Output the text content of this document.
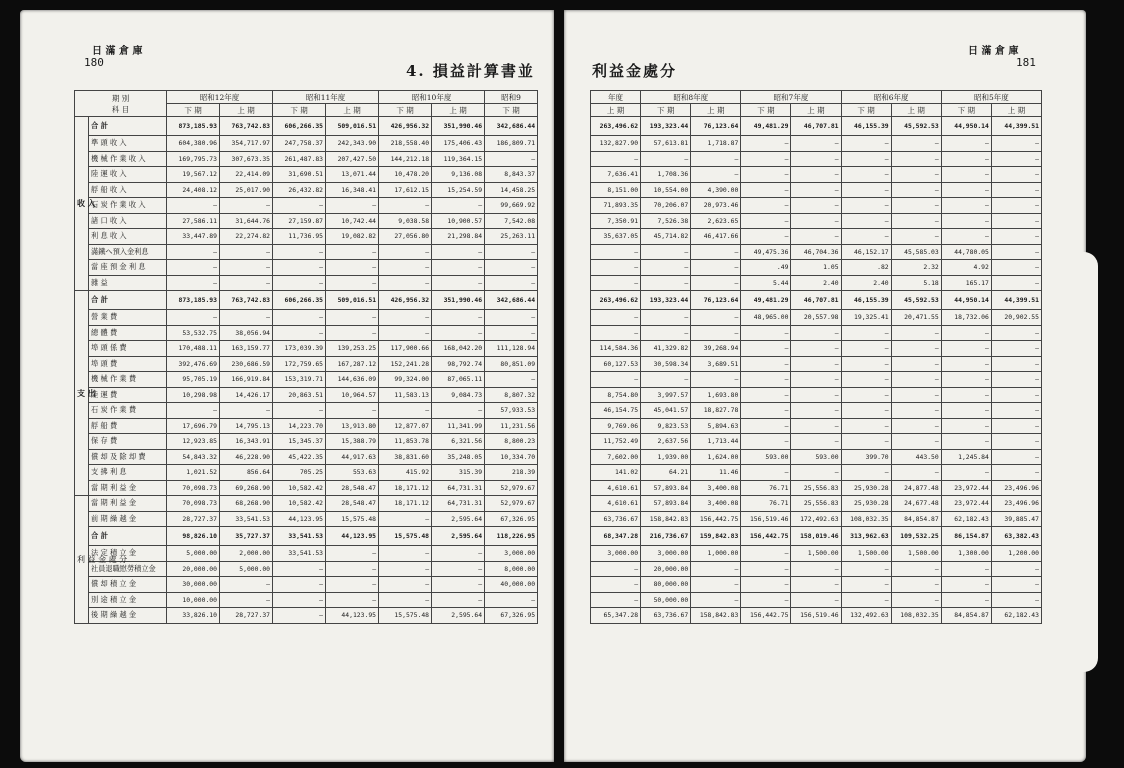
日 滿 倉 庫
180	4. 損益計算書並
日 滿 倉 庫
181
利益金處分
期 別
科 目		昭和12年度		昭和11年度		昭和10年度		昭和9
		下 期	上 期	下 期	上 期	下 期	上 期	下 期
收 入	合 計	873,185.93	763,742.83	606,266.35	509,016.51	426,956.32	351,990.46	342,686.44
	準 頭 收 入	604,380.96	354,717.97	247,758.37	242,343.90	218,558.40	175,406.43	186,809.71
	機 械 作 業 收 入	169,795.73	307,673.35	261,487.83	207,427.50	144,212.18	119,364.15	—
	陸 運 收 入	19,567.12	22,414.09	31,690.51	13,071.44	10,478.20	9,136.08	8,843.37
	艀 船 收 入	24,408.12	25,017.90	26,432.82	16,348.41	17,612.15	15,254.59	14,458.25
	石 炭 作 業 收 入	—	—	—	—	—	—	99,669.92
	諸 口 收 入	27,586.11	31,644.76	27,159.87	10,742.44	9,038.58	10,900.57	7,542.08
	利 息 收 入	33,447.89	22,274.82	11,736.95	19,082.82	27,056.80	21,298.84	25,263.11
	滿鐵へ預入金利息	—	—	—	—	—	—	—
	當 座 預 金 利 息	—	—	—	—	—	—	—
	雜 益	—	—	—	—	—	—	—
支 出	合 計	873,185.93	763,742.83	606,266.35	509,016.51	426,956.32	351,990.46	342,686.44
	營 業 費	—	—	—	—	—	—	—
	總 體 費	53,532.75	38,056.94	—	—	—	—	—
	埠 頭 係 費	170,488.11	163,159.77	173,039.39	139,253.25	117,900.66	168,042.20	111,128.94
	埠 頭 費	392,476.69	230,686.59	172,759.65	167,287.12	152,241.28	98,792.74	80,851.09
	機 械 作 業 費	95,705.19	166,919.84	153,319.71	144,636.09	99,324.00	87,065.11	—
	陸 運 費	10,298.98	14,426.17	20,863.51	10,964.57	11,583.13	9,084.73	8,807.32
	石 炭 作 業 費	—	—	—	—	—	—	57,933.53
	艀 船 費	17,696.79	14,795.13	14,223.70	13,913.80	12,877.07	11,341.99	11,231.56
	保 存 費	12,923.85	16,343.91	15,345.37	15,388.79	11,853.78	6,321.56	8,800.23
	償 却 及 除 却 費	54,843.32	46,228.90	45,422.35	44,917.63	38,831.60	35,248.05	10,334.70
	支 拂 利 息	1,021.52	856.64	705.25	553.63	415.92	315.39	218.39
	當 期 利 益 金	70,098.73	69,268.90	10,582.42	28,548.47	18,171.12	64,731.31	52,979.67
利 益 金 處 分	當 期 利 益 金	70,098.73	68,268.90	10,582.42	28,548.47	18,171.12	64,731.31	52,979.67
	前 期 繰 越 金	28,727.37	33,541.53	44,123.95	15,575.48	—	2,595.64	67,326.95
	合 計	98,826.10	35,727.37	33,541.53	44,123.95	15,575.48	2,595.64	118,226.95
	法 定 積 立 金	5,000.00	2,000.00	33,541.53	—	—	—	3,000.00
	社員退職慰勞積立金	20,000.00	5,000.00	—	—	—	—	8,000.00
	償 却 積 立 金	30,000.00	—	—	—	—	—	40,000.00
	別 途 積 立 金	10,000.00	—	—	—	—	—	—
	後 期 繰 越 金	33,826.10	28,727.37	—	44,123.95	15,575.48	2,595.64	67,326.95
年度	昭和8年度		昭和7年度		昭和6年度		昭和5年度	
上 期	下 期	上 期	下 期	上 期	下 期	上 期	下 期	上 期
263,496.62	193,323.44	76,123.64	49,481.29	46,707.81	46,155.39	45,592.53	44,950.14	44,399.51
132,827.90	57,613.81	1,718.87	—	—	—	—	—	—
—	—	—	—	—	—	—	—	—
7,636.41	1,708.36	—	—	—	—	—	—	—
8,151.00	10,554.00	4,390.00	—	—	—	—	—	—
71,893.35	70,206.07	20,973.46	—	—	—	—	—	—
7,350.91	7,526.38	2,623.65	—	—	—	—	—	—
35,637.05	45,714.82	46,417.66	—	—	—	—	—	—
—	—	—	49,475.36	46,704.36	46,152.17	45,585.03	44,780.05	—
—	—	—	.49	1.05	.82	2.32	4.92	—
—	—	—	5.44	2.40	2.40	5.18	165.17	—
263,496.62	193,323.44	76,123.64	49,481.29	46,707.81	46,155.39	45,592.53	44,950.14	44,399.51
—	—	—	48,965.00	20,557.98	19,325.41	20,471.55	18,732.06	20,902.55
—	—	—	—	—	—	—	—	—
114,584.36	41,329.82	39,268.94	—	—	—	—	—	—
60,127.53	30,598.34	3,689.51	—	—	—	—	—	—
—	—	—	—	—	—	—	—	—
8,754.80	3,997.57	1,693.80	—	—	—	—	—	—
46,154.75	45,041.57	18,827.78	—	—	—	—	—	—
9,769.06	9,823.53	5,894.63	—	—	—	—	—	—
11,752.49	2,637.56	1,713.44	—	—	—	—	—	—
7,602.00	1,939.00	1,624.00	593.00	593.00	399.70	443.50	1,245.84	—
141.02	64.21	11.46	—	—	—	—	—	—
4,610.61	57,893.84	3,400.08	76.71	25,556.83	25,930.28	24,877.48	23,972.44	23,496.96
4,610.61	57,893.84	3,400.08	76.71	25,556.83	25,930.28	24,677.48	23,972.44	23,496.96
63,736.67	158,842.83	156,442.75	156,519.46	172,492.63	108,032.35	84,854.87	62,182.43	39,885.47
68,347.28	216,736.67	159,842.83	156,442.75	158,019.46	313,962.63	109,532.25	86,154.87	63,382.43
3,000.00	3,000.00	1,000.00	—	1,500.00	1,500.00	1,500.00	1,300.00	1,200.00
—	20,000.00	—	—	—	—	—	—	—
—	80,000.00	—	—	—	—	—	—	—
—	50,000.00	—	—	—	—	—	—	—
65,347.28	63,736.67	158,842.83	156,442.75	156,519.46	132,492.63	108,032.35	84,854.87	62,182.43
